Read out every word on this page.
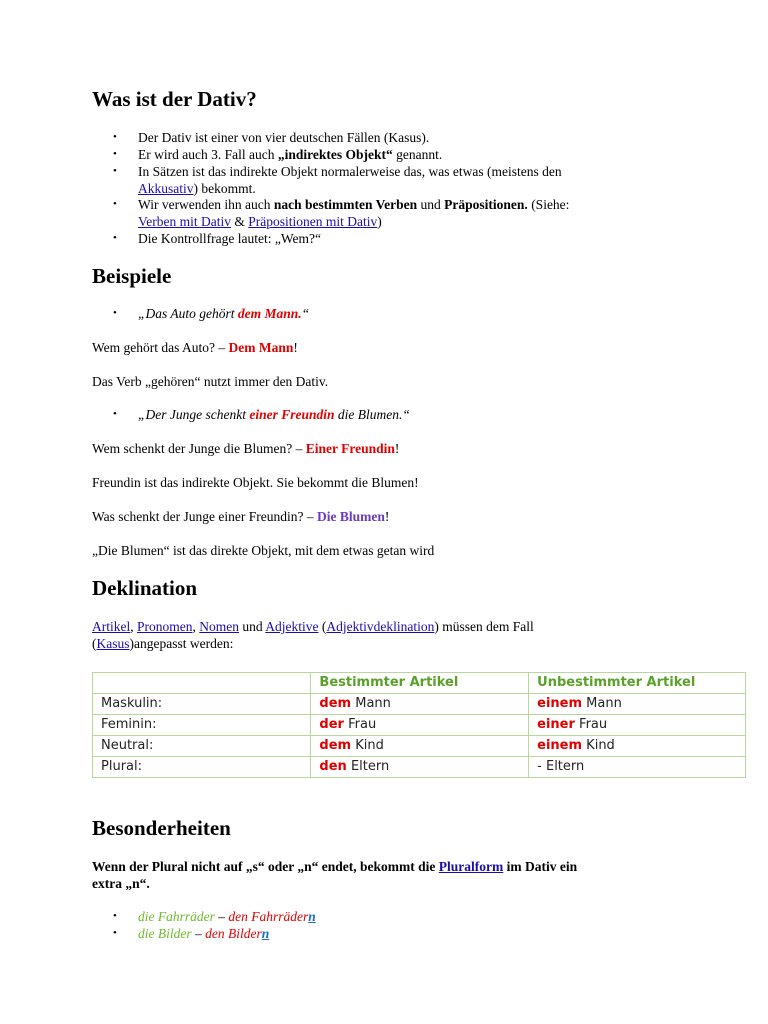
Was ist der Dativ?
• Der Dativ ist einer von vier deutschen Fällen (Kasus).
• Er wird auch 3. Fall auch „indirektes Objekt“ genannt.
• In Sätzen ist das indirekte Objekt normalerweise das, was etwas (meistens den
Akkusativ) bekommt.
• Wir verwenden ihn auch nach bestimmten Verben und Präpositionen. (Siehe:
Verben mit Dativ & Präpositionen mit Dativ)
• Die Kontrollfrage lautet: „Wem?“
Beispiele
• „Das Auto gehört dem Mann.“
Wem gehört das Auto? – Dem Mann!
Das Verb „gehören“ nutzt immer den Dativ.
• „Der Junge schenkt einer Freundin die Blumen.“
Wem schenkt der Junge die Blumen? – Einer Freundin!
Freundin ist das indirekte Objekt. Sie bekommt die Blumen!
Was schenkt der Junge einer Freundin? – Die Blumen!
„Die Blumen“ ist das direkte Objekt, mit dem etwas getan wird
Deklination
Artikel, Pronomen, Nomen und Adjektive (Adjektivdeklination) müssen dem Fall
(Kasus)angepasst werden:
	Bestimmter Artikel	Unbestimmter Artikel
Maskulin:	dem Mann	einem Mann
Feminin:	der Frau	einer Frau
Neutral:	dem Kind	einem Kind
Plural:	den Eltern	- Eltern
Besonderheiten
Wenn der Plural nicht auf „s“ oder „n“ endet, bekommt die Pluralform im Dativ ein
extra „n“.
• die Fahrräder – den Fahrrädern
• die Bilder – den Bildern
